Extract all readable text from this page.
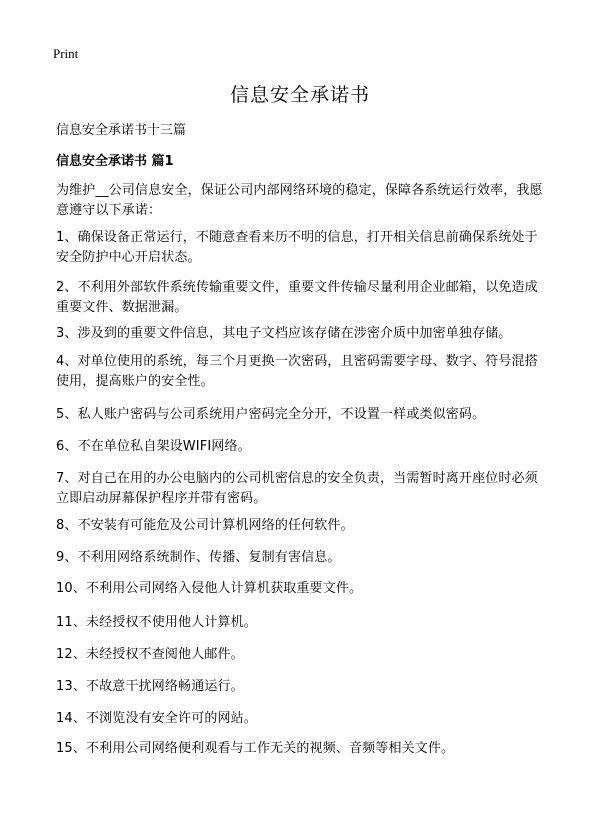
Print
信息安全承诺书

信息安全承诺书十三篇

信息安全承诺书 篇1

为维护__公司信息安全，保证公司内部网络环境的稳定，保障各系统运行效率，我愿意遵守以下承诺：

1、确保设备正常运行，不随意查看来历不明的信息，打开相关信息前确保系统处于安全防护中心开启状态。

2、不利用外部软件系统传输重要文件，重要文件传输尽量利用企业邮箱，以免造成重要文件、数据泄漏。

3、涉及到的重要文件信息，其电子文档应该存储在涉密介质中加密单独存储。

4、对单位使用的系统，每三个月更换一次密码，且密码需要字母、数字、符号混搭使用，提高账户的安全性。

5、私人账户密码与公司系统用户密码完全分开，不设置一样或类似密码。

6、不在单位私自架设WIFI网络。

7、对自己在用的办公电脑内的公司机密信息的安全负责，当需暂时离开座位时必须立即启动屏幕保护程序并带有密码。

8、不安装有可能危及公司计算机网络的任何软件。

9、不利用网络系统制作、传播、复制有害信息。

10、不利用公司网络入侵他人计算机获取重要文件。

11、未经授权不使用他人计算机。

12、未经授权不查阅他人邮件。

13、不故意干扰网络畅通运行。

14、不浏览没有安全许可的网站。

15、不利用公司网络便利观看与工作无关的视频、音频等相关文件。
